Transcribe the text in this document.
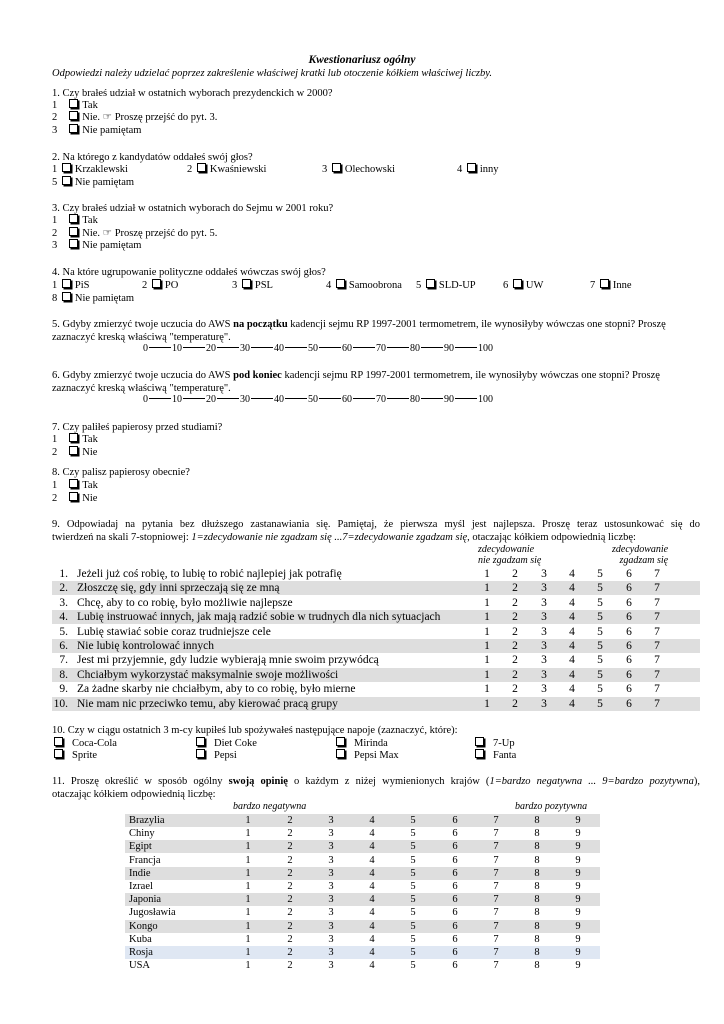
Kwestionariusz ogólny
Odpowiedzi należy udzielać poprzez zakreślenie właściwej kratki lub otoczenie kółkiem właściwej liczby.
1. Czy brałeś udział w ostatnich wyborach prezydenckich w 2000?
1 Tak
2 Nie. ☞ Proszę przejść do pyt. 3.
3 Nie pamiętam
2. Na którego z kandydatów oddałeś swój głos?
1 Krzaklewski	2 Kwaśniewski	3 Olechowski	4 inny
5 Nie pamiętam
3. Czy brałeś udział w ostatnich wyborach do Sejmu w 2001 roku?
1 Tak
2 Nie. ☞ Proszę przejść do pyt. 5.
3 Nie pamiętam
4. Na które ugrupowanie polityczne oddałeś wówczas swój głos?
1 PiS	2 PO	3 PSL	4 Samoobrona 5 SLD-UP	6 UW	7 Inne
8 Nie pamiętam
5. Gdyby zmierzyć twoje uczucia do AWS na początku kadencji sejmu RP 1997-2001 termometrem, ile wynosiłyby wówczas one stopni? Proszę
zaznaczyć kreską właściwą "temperaturę".
0 10 20 30 40 50 60 70 80 90 100
6. Gdyby zmierzyć twoje uczucia do AWS pod koniec kadencji sejmu RP 1997-2001 termometrem, ile wynosiłyby wówczas one stopni? Proszę
zaznaczyć kreską właściwą "temperaturę".
0 10 20 30 40 50 60 70 80 90 100
7. Czy paliłeś papierosy przed studiami?
1 Tak
2 Nie
8. Czy palisz papierosy obecnie?
1 Tak
2 Nie
9. Odpowiadaj na pytania bez dłuższego zastanawiania się. Pamiętaj, że pierwsza myśl jest najlepsza. Proszę teraz ustosunkować się do
twierdzeń na skali 7-stopniowej: 1=zdecydowanie nie zgadzam się ...7=zdecydowanie zgadzam się, otaczając kółkiem odpowiednią liczbę:
zdecydowanie
nie zgadzam się
zdecydowanie
zgadzam się
1. Jeżeli już coś robię, to lubię to robić najlepiej jak potrafię	1	2	3	4	5	6	7
2. Złoszczę się, gdy inni sprzeczają się ze mną	1	2	3	4	5	6	7
3. Chcę, aby to co robię, było możliwie najlepsze	1	2	3	4	5	6	7
4. Lubię instruować innych, jak mają radzić sobie w trudnych dla nich sytuacjach	1	2	3	4	5	6	7
5. Lubię stawiać sobie coraz trudniejsze cele	1	2	3	4	5	6	7
6. Nie lubię kontrolować innych	1	2	3	4	5	6	7
7. Jest mi przyjemnie, gdy ludzie wybierają mnie swoim przywódcą	1	2	3	4	5	6	7
8. Chciałbym wykorzystać maksymalnie swoje możliwości	1	2	3	4	5	6	7
9. Za żadne skarby nie chciałbym, aby to co robię, było mierne	1	2	3	4	5	6	7
10. Nie mam nic przeciwko temu, aby kierować pracą grupy	1	2	3	4	5	6	7
10. Czy w ciągu ostatnich 3 m-cy kupiłeś lub spożywałeś następujące napoje (zaznaczyć, które):
Coca-Cola	Diet Coke	Mirinda	7-Up
Sprite	Pepsi	Pepsi Max	Fanta
11. Proszę określić w sposób ogólny swoją opinię o każdym z niżej wymienionych krajów (1=bardzo negatywna ... 9=bardzo pozytywna),
otaczając kółkiem odpowiednią liczbę:
bardzo negatywna	bardzo pozytywna
Brazylia	1	2	3	4	5	6	7	8	9
Chiny	1	2	3	4	5	6	7	8	9
Egipt	1	2	3	4	5	6	7	8	9
Francja	1	2	3	4	5	6	7	8	9
Indie	1	2	3	4	5	6	7	8	9
Izrael	1	2	3	4	5	6	7	8	9
Japonia	1	2	3	4	5	6	7	8	9
Jugosławia	1	2	3	4	5	6	7	8	9
Kongo	1	2	3	4	5	6	7	8	9
Kuba	1	2	3	4	5	6	7	8	9
Rosja	1	2	3	4	5	6	7	8	9
USA	1	2	3	4	5	6	7	8	9
